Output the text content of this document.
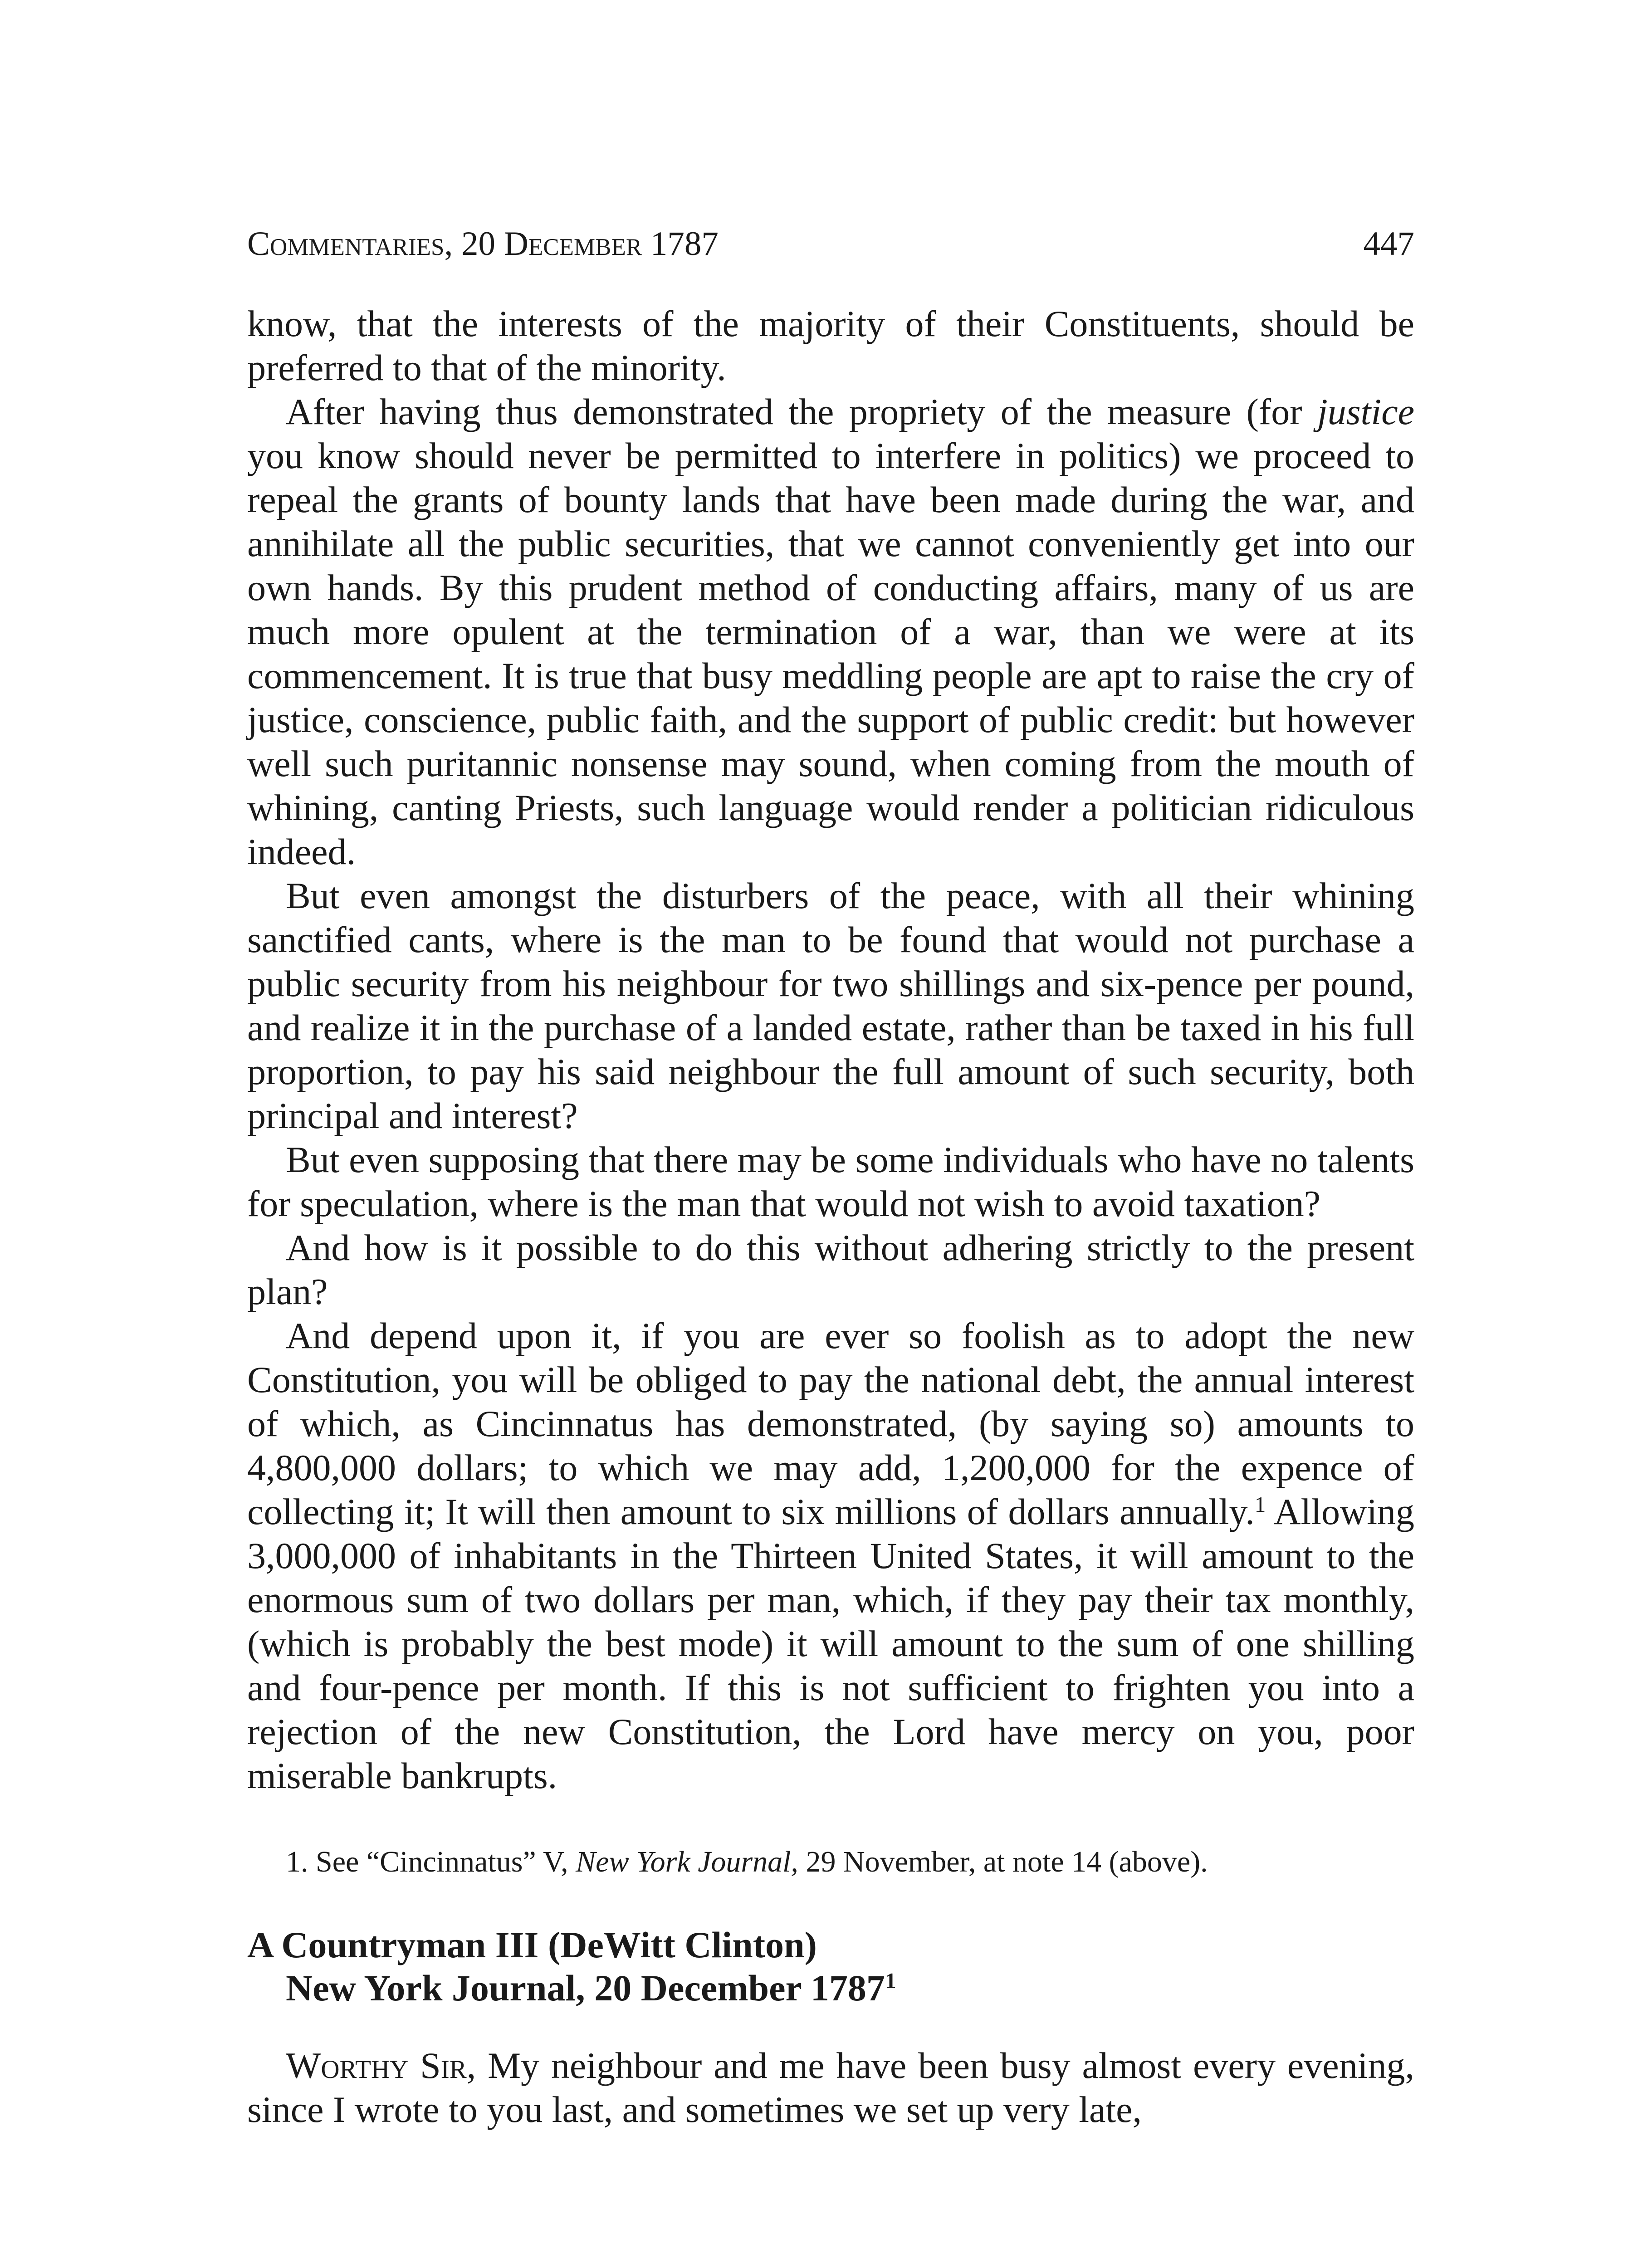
Commentaries, 20 December 1787	447

know, that the interests of the majority of their Constituents, should be preferred to that of the minority.

After having thus demonstrated the propriety of the measure (for justice you know should never be permitted to interfere in politics) we proceed to repeal the grants of bounty lands that have been made during the war, and annihilate all the public securities, that we cannot conveniently get into our own hands. By this prudent method of conducting affairs, many of us are much more opulent at the termination of a war, than we were at its commencement. It is true that busy meddling people are apt to raise the cry of justice, conscience, public faith, and the support of public credit: but however well such puritannic nonsense may sound, when coming from the mouth of whining, canting Priests, such language would render a politician ridiculous indeed.

But even amongst the disturbers of the peace, with all their whining sanctified cants, where is the man to be found that would not purchase a public security from his neighbour for two shillings and six-pence per pound, and realize it in the purchase of a landed estate, rather than be taxed in his full proportion, to pay his said neighbour the full amount of such security, both principal and interest?

But even supposing that there may be some individuals who have no talents for speculation, where is the man that would not wish to avoid taxation?

And how is it possible to do this without adhering strictly to the present plan?

And depend upon it, if you are ever so foolish as to adopt the new Constitution, you will be obliged to pay the national debt, the annual interest of which, as Cincinnatus has demonstrated, (by saying so) amounts to 4,800,000 dollars; to which we may add, 1,200,000 for the expence of collecting it; It will then amount to six millions of dollars annually.$^1$ Allowing 3,000,000 of inhabitants in the Thirteen United States, it will amount to the enormous sum of two dollars per man, which, if they pay their tax monthly, (which is probably the best mode) it will amount to the sum of one shilling and four-pence per month. If this is not sufficient to frighten you into a rejection of the new Constitution, the Lord have mercy on you, poor miserable bankrupts.

1. See “Cincinnatus” V, New York Journal, 29 November, at note 14 (above).

A Countryman III (DeWitt Clinton)
New York Journal, 20 December 1787$^1$

Worthy Sir, My neighbour and me have been busy almost every evening, since I wrote to you last, and sometimes we set up very late,
